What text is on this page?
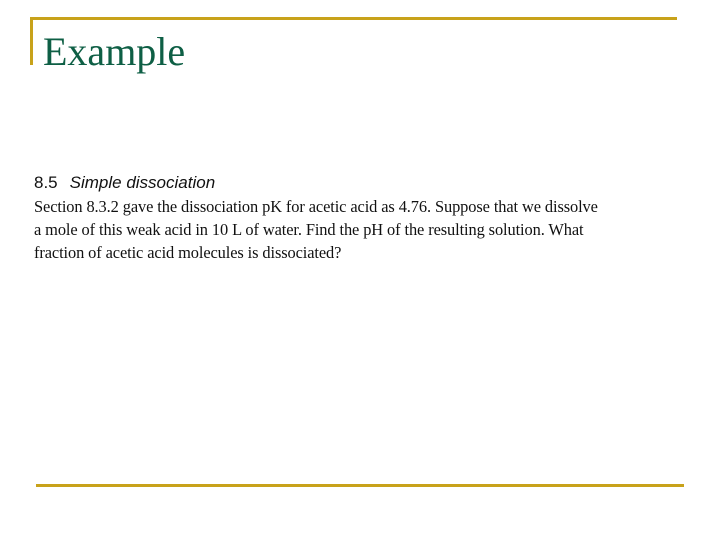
Example
8.5 Simple dissociation
Section 8.3.2 gave the dissociation pK for acetic acid as 4.76. Suppose that we dissolve
a mole of this weak acid in 10 L of water. Find the pH of the resulting solution. What
fraction of acetic acid molecules is dissociated?
